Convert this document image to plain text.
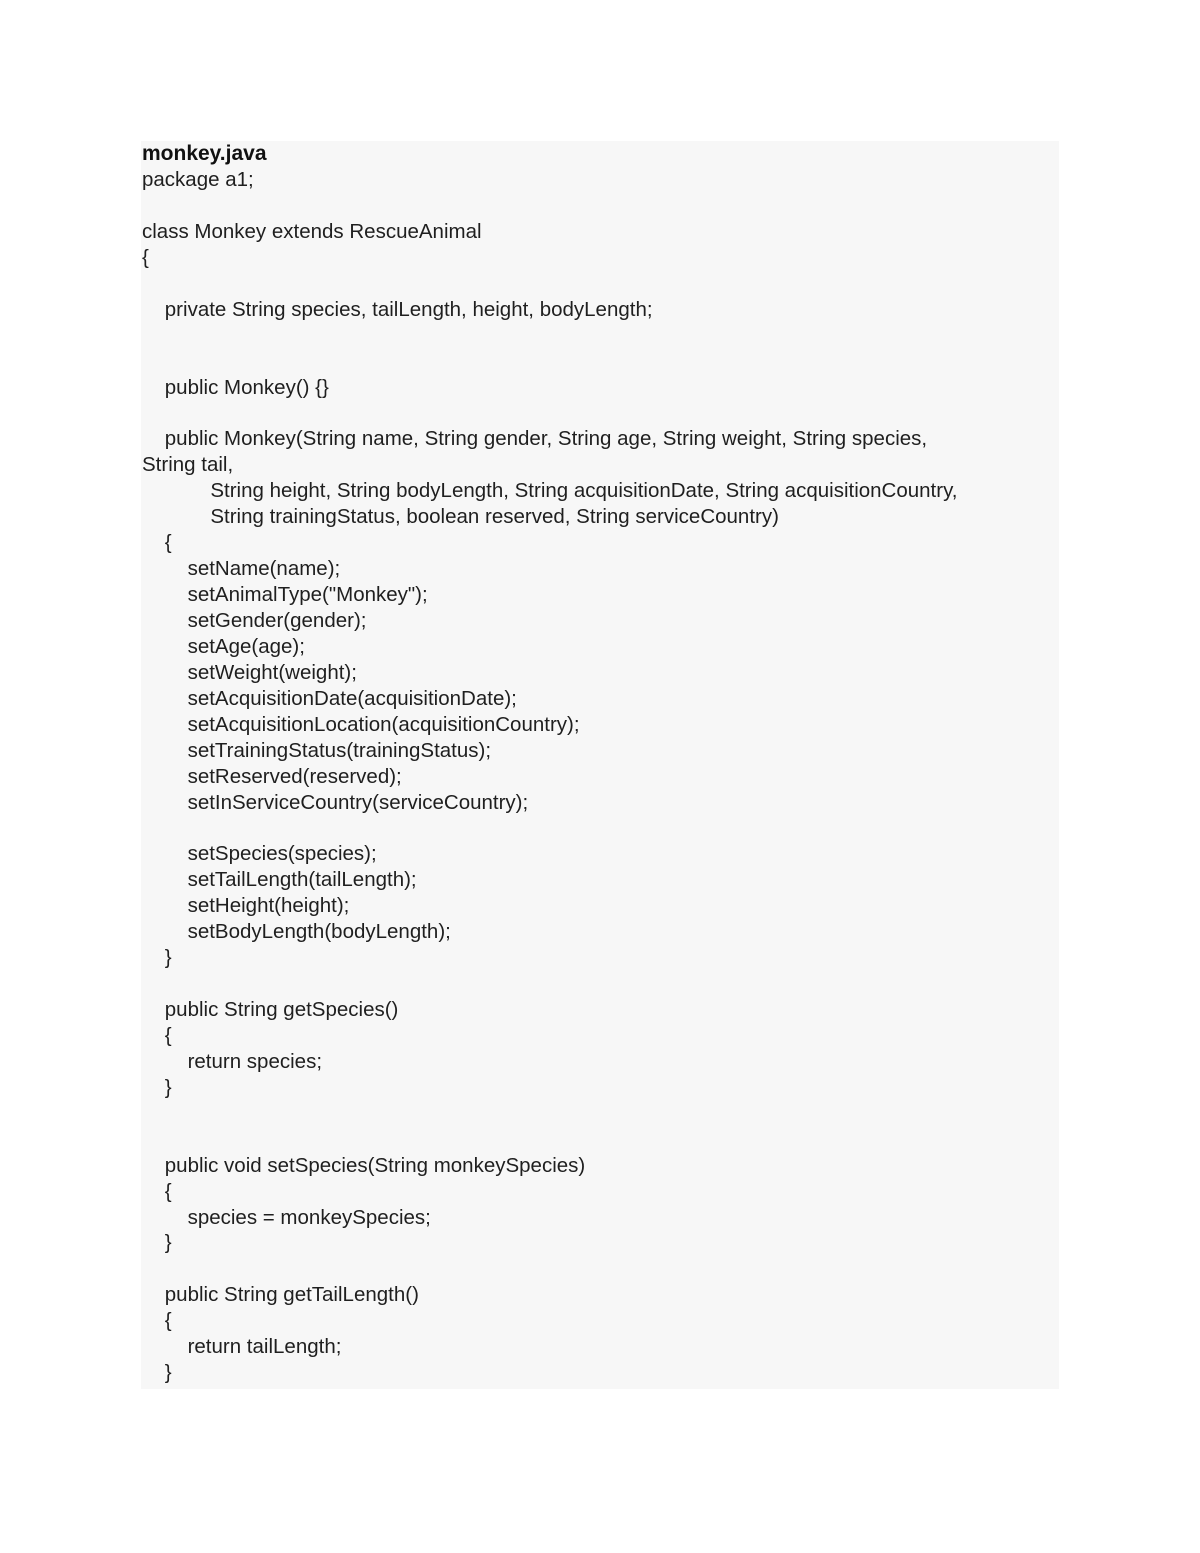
monkey.java
package a1;
class Monkey extends RescueAnimal
{
private String species, tailLength, height, bodyLength;
public Monkey() {}
public Monkey(String name, String gender, String age, String weight, String species,
String tail,
String height, String bodyLength, String acquisitionDate, String acquisitionCountry,
String trainingStatus, boolean reserved, String serviceCountry)
{
setName(name);
setAnimalType("Monkey");
setGender(gender);
setAge(age);
setWeight(weight);
setAcquisitionDate(acquisitionDate);
setAcquisitionLocation(acquisitionCountry);
setTrainingStatus(trainingStatus);
setReserved(reserved);
setInServiceCountry(serviceCountry);
setSpecies(species);
setTailLength(tailLength);
setHeight(height);
setBodyLength(bodyLength);
}
public String getSpecies()
{
return species;
}
public void setSpecies(String monkeySpecies)
{
species = monkeySpecies;
}
public String getTailLength()
{
return tailLength;
}
